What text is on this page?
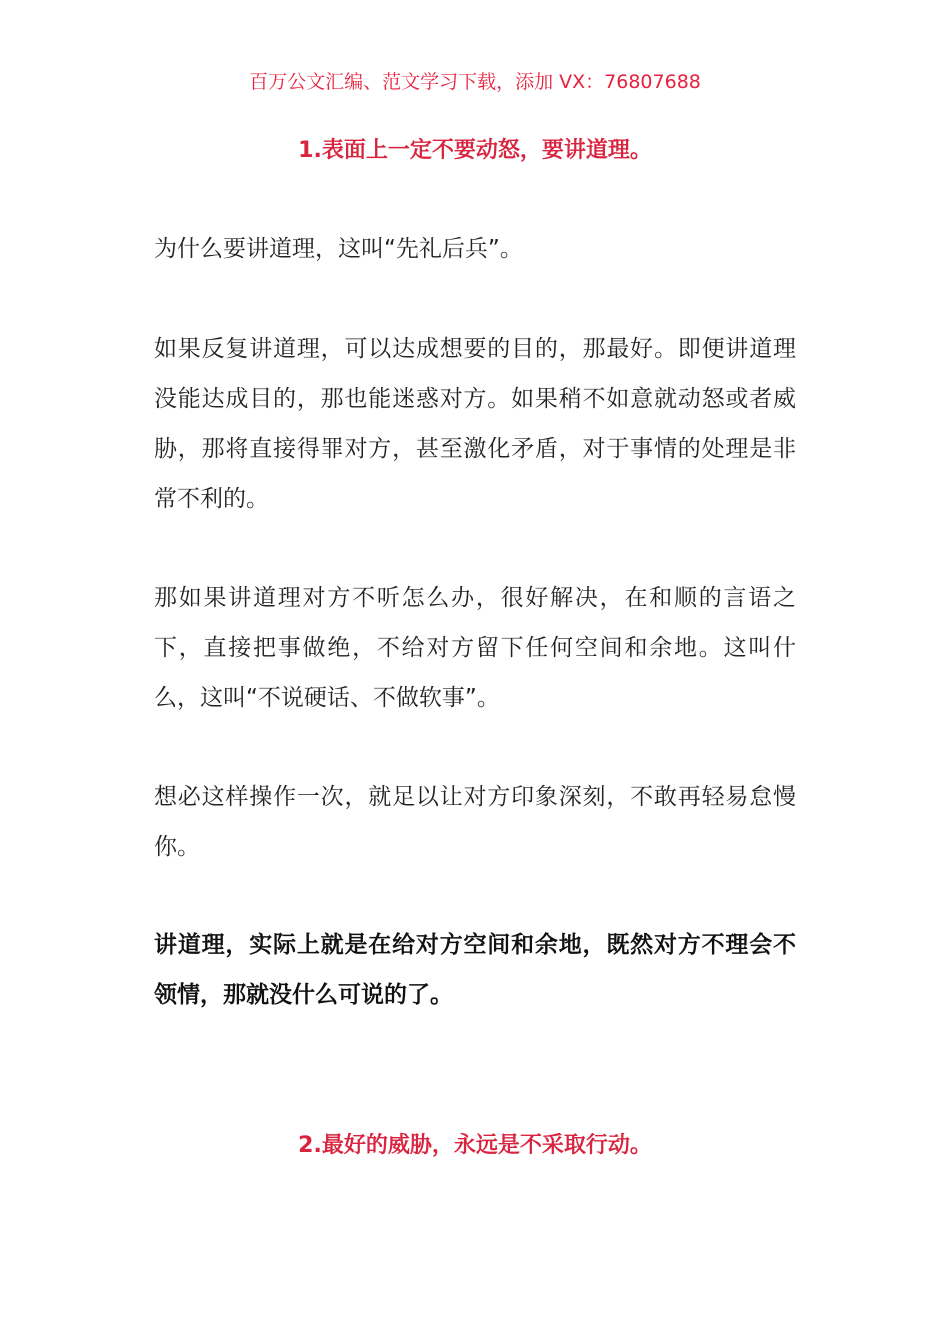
百万公文汇编、范文学习下载，添加 VX：76807688
1.表面上一定不要动怒，要讲道理。

为什么要讲道理，这叫“先礼后兵”。

如果反复讲道理，可以达成想要的目的，那最好。即便讲道理没能达成目的，那也能迷惑对方。如果稍不如意就动怒或者威胁，那将直接得罪对方，甚至激化矛盾，对于事情的处理是非常不利的。

那如果讲道理对方不听怎么办，很好解决，在和顺的言语之下，直接把事做绝，不给对方留下任何空间和余地。这叫什么，这叫“不说硬话、不做软事”。

想必这样操作一次，就足以让对方印象深刻，不敢再轻易怠慢你。

讲道理，实际上就是在给对方空间和余地，既然对方不理会不领情，那就没什么可说的了。

2.最好的威胁，永远是不采取行动。
